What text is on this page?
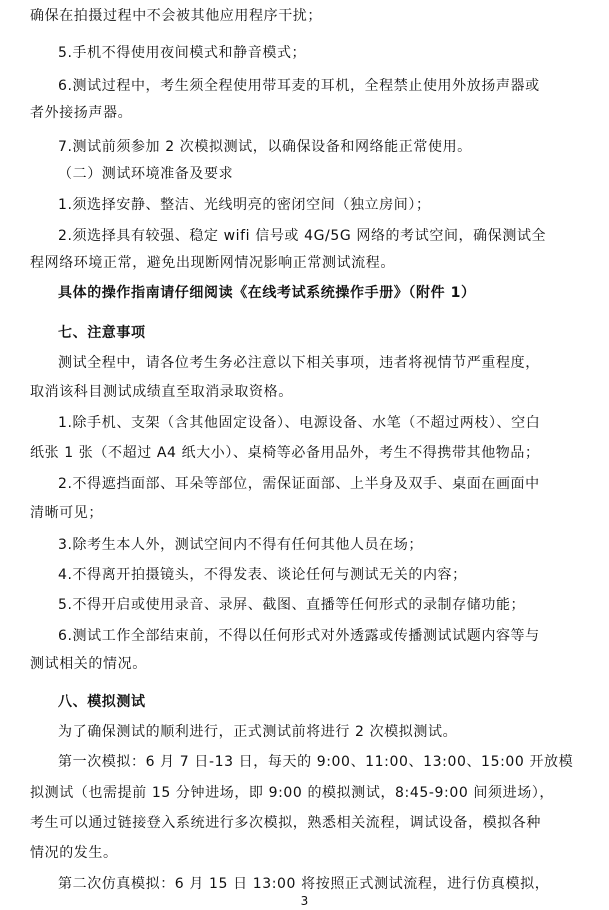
确保在拍摄过程中不会被其他应用程序干扰；
5.手机不得使用夜间模式和静音模式；
6.测试过程中，考生须全程使用带耳麦的耳机，全程禁止使用外放扬声器或
者外接扬声器。
7.测试前须参加 2 次模拟测试，以确保设备和网络能正常使用。
（二）测试环境准备及要求
1.须选择安静、整洁、光线明亮的密闭空间（独立房间）；
2.须选择具有较强、稳定 wifi 信号或 4G/5G 网络的考试空间，确保测试全
程网络环境正常，避免出现断网情况影响正常测试流程。
具体的操作指南请仔细阅读《在线考试系统操作手册》（附件 1）
七、注意事项
测试全程中，请各位考生务必注意以下相关事项，违者将视情节严重程度，
取消该科目测试成绩直至取消录取资格。
1.除手机、支架（含其他固定设备）、电源设备、水笔（不超过两枝）、空白
纸张 1 张（不超过 A4 纸大小）、桌椅等必备用品外，考生不得携带其他物品；
2.不得遮挡面部、耳朵等部位，需保证面部、上半身及双手、桌面在画面中
清晰可见；
3.除考生本人外，测试空间内不得有任何其他人员在场；
4.不得离开拍摄镜头，不得发表、谈论任何与测试无关的内容；
5.不得开启或使用录音、录屏、截图、直播等任何形式的录制存储功能；
6.测试工作全部结束前，不得以任何形式对外透露或传播测试试题内容等与
测试相关的情况。
八、模拟测试
为了确保测试的顺利进行，正式测试前将进行 2 次模拟测试。
第一次模拟：6 月 7 日-13 日，每天的 9:00、11:00、13:00、15:00 开放模
拟测试（也需提前 15 分钟进场，即 9:00 的模拟测试，8:45-9:00 间须进场），
考生可以通过链接登入系统进行多次模拟，熟悉相关流程，调试设备，模拟各种
情况的发生。
第二次仿真模拟：6 月 15 日 13:00 将按照正式测试流程，进行仿真模拟，
3
